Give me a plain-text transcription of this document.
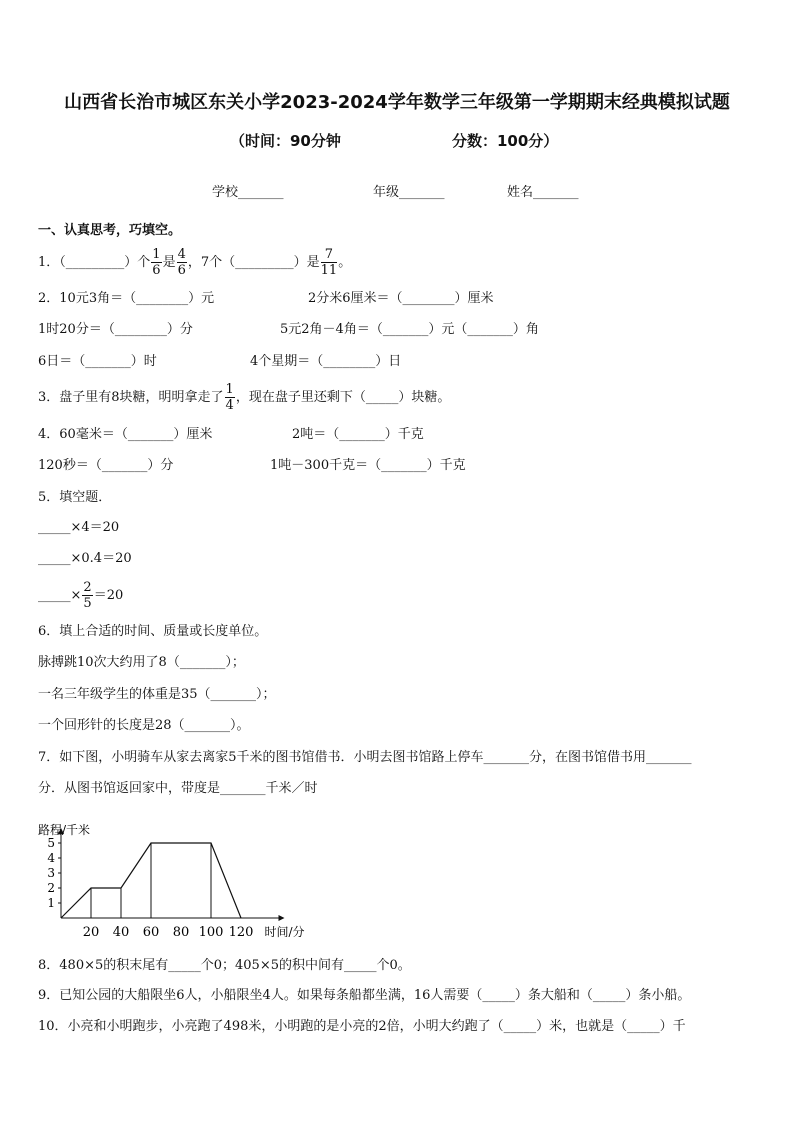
山西省长治市城区东关小学2023-2024学年数学三年级第一学期期末经典模拟试题
（时间：90分钟	分数：100分）
学校_______	年级_______	姓名_______
一、认真思考，巧填空。
1．（_________）个 $\frac{1}{6}$ 是 $\frac{4}{6}$ ，7个（_________）是 $\frac{7}{11}$ 。
2．10元3角＝（________）元	2分米6厘米＝（________）厘米
1时20分＝（________）分	5元2角－4角＝（_______）元（_______）角
6日＝（_______）时	4个星期＝（________）日
3．盘子里有8块糖，明明拿走了 $\frac{1}{4}$ ，现在盘子里还剩下（_____）块糖。
4．60毫米＝（_______）厘米	2吨＝（_______）千克
120秒＝（_______）分	1吨－300千克＝（_______）千克
5．填空题．
_____×4＝20
_____×0.4＝20
_____× $\frac{2}{5} =20$
6．填上合适的时间、质量或长度单位。
脉搏跳10次大约用了8（_______）；
一名三年级学生的体重是35（_______）；
一个回形针的长度是28（_______）。
7．如下图，小明骑车从家去离家5千米的图书馆借书．小明去图书馆路上停车_______分，在图书馆借书用_______
分．从图书馆返回家中，带度是_______千米／时
1
2
3
4
5
20 40 60 80 100 120
路程/千米
时间/分
8．480×5的积末尾有_____个0；405×5的积中间有_____个0。
9．已知公园的大船限坐6人，小船限坐4人。如果每条船都坐满，16人需要（_____）条大船和（_____）条小船。
10．小亮和小明跑步，小亮跑了498米，小明跑的是小亮的2倍，小明大约跑了（_____）米，也就是（_____）千
